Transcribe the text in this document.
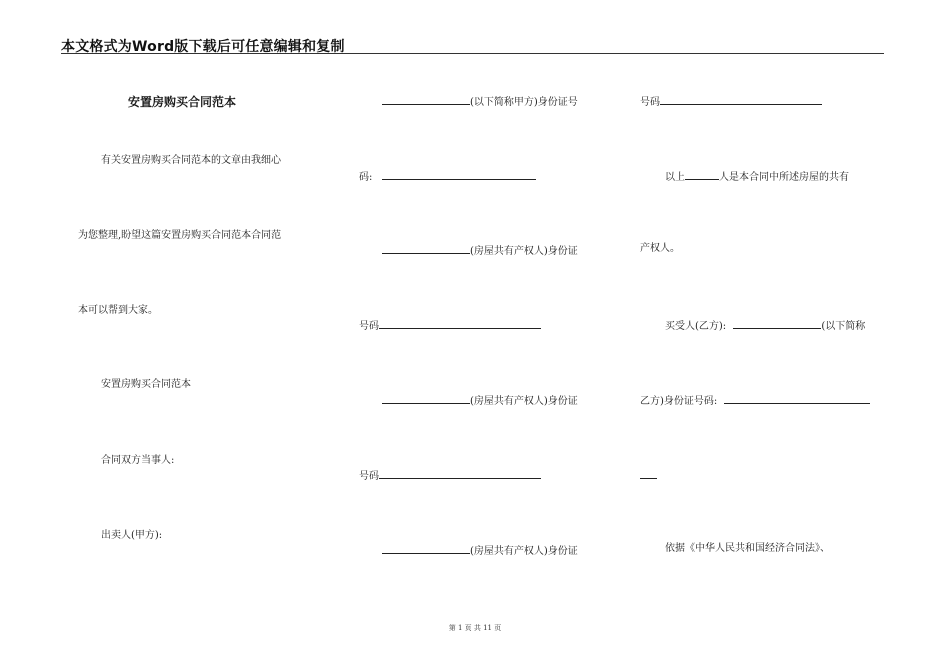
本文格式为Word版下载后可任意编辑和复制
安置房购买合同范本
有关安置房购买合同范本的文章由我细心
为您整理,盼望这篇安置房购买合同范本合同范
本可以帮到大家。
安置房购买合同范本
合同双方当事人:
出卖人(甲方):
(以下简称甲方)身份证号
码:
(房屋共有产权人)身份证
号码
(房屋共有产权人)身份证
号码
(房屋共有产权人)身份证
号码
以上	人是本合同中所述房屋的共有
产权人。
买受人(乙方):	(以下简称
乙方)身份证号码:
依据《中华人民共和国经济合同法》、
第 1 页 共 11 页
